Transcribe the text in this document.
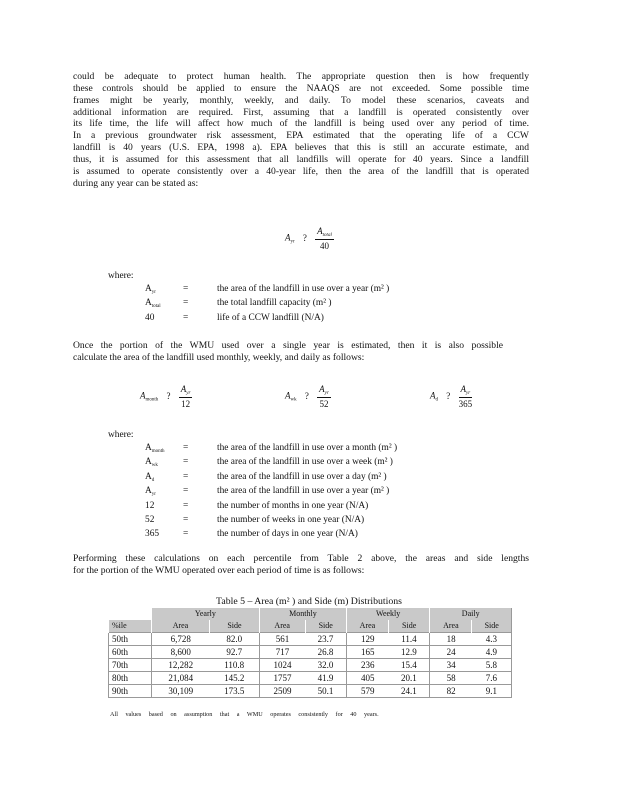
could be adequate to protect human health. The appropriate question then is how frequently
these controls should be applied to ensure the NAAQS are not exceeded. Some possible time
frames might be yearly, monthly, weekly, and daily. To model these scenarios, caveats and
additional information are required. First, assuming that a landfill is operated consistently over
its life time, the life will affect how much of the landfill is being used over any period of time.
In a previous groundwater risk assessment, EPA estimated that the operating life of a CCW
landfill is 40 years (U.S. EPA, 1998 a). EPA believes that this is still an accurate estimate, and
thus, it is assumed for this assessment that all landfills will operate for 40 years. Since a landfill
is assumed to operate consistently over a 40-year life, then the area of the landfill that is operated
during any year can be stated as:
$A_{yr}$ ? $\frac{A_{total}}{40}$
where:
$A_{yr}$	=	the area of the landfill in use over a year (m² )
$A_{total}$	=	the total landfill capacity (m² )
40	=	life of a CCW landfill (N/A)
Once the portion of the WMU used over a single year is estimated, then it is also possible
calculate the area of the landfill used monthly, weekly, and daily as follows:
$A_{month}$ ? $\frac{A_{yr}}{12}$	$A_{wk}$ ? $\frac{A_{yr}}{52}$	$A_d$ ? $\frac{A_{yr}}{365}$
where:
$A_{month}$	=	the area of the landfill in use over a month (m² )
$A_{wk}$	=	the area of the landfill in use over a week (m² )
$A_d$	=	the area of the landfill in use over a day (m² )
$A_{yr}$	=	the area of the landfill in use over a year (m² )
12	=	the number of months in one year (N/A)
52	=	the number of weeks in one year (N/A)
365	=	the number of days in one year (N/A)
Performing these calculations on each percentile from Table 2 above, the areas and side lengths
for the portion of the WMU operated over each period of time is as follows:
Table 5 – Area (m² ) and Side (m) Distributions
	Yearly		Monthly		Weekly		Daily	
%ile	Area	Side	Area	Side	Area	Side	Area	Side
50th	6,728	82.0	561	23.7	129	11.4	18	4.3
60th	8,600	92.7	717	26.8	165	12.9	24	4.9
70th	12,282	110.8	1024	32.0	236	15.4	34	5.8
80th	21,084	145.2	1757	41.9	405	20.1	58	7.6
90th	30,109	173.5	2509	50.1	579	24.1	82	9.1
All values based on assumption that a WMU operates consistently for 40 years.
